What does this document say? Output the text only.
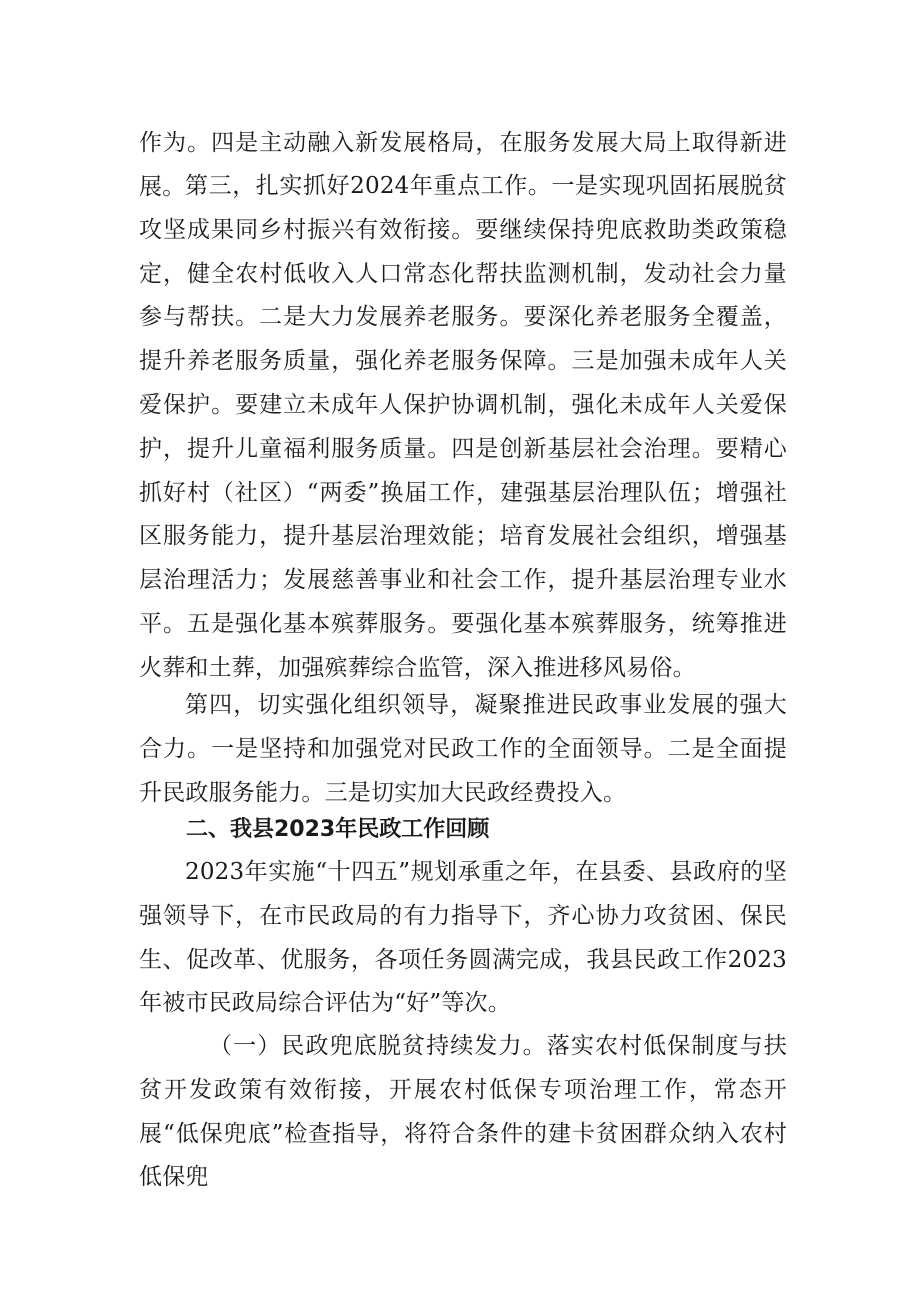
作为。四是主动融入新发展格局，在服务发展大局上取得新进展。 第三，扎实抓好2024年重点工作。一是实现巩固拓展脱贫攻坚成果同乡村振兴有效衔接。要继续保持兜底救助类政策稳定，健全农村低收入人口常态化帮扶监测机制，发动社会力量参与帮扶。二是大力发展养老服务。要深化养老服务全覆盖，提升养老服务质量，强化养老服务保障。三是加强未成年人关爱保护。要建立未成年人保护协调机制，强化未成年人关爱保护，提升儿童福利服务质量。四是创新基层社会治理。要精心抓好村（社区）“两委”换届工作，建强基层治理队伍；增强社区服务能力，提升基层治理效能；培育发展社会组织，增强基层治理活力；发展慈善事业和社会工作，提升基层治理专业水平。五是强化基本殡葬服务。要强化基本殡葬服务，统筹推进火葬和土葬，加强殡葬综合监管，深入推进移风易俗。

第四，切实强化组织领导，凝聚推进民政事业发展的强大合力。一是坚持和加强党对民政工作的全面领导。二是全面提升民政服务能力。三是切实加大民政经费投入。

二、我县2023年民政工作回顾

2023年实施“十四五”规划承重之年，在县委、县政府的坚强领导下，在市民政局的有力指导下，齐心协力攻贫困、保民生、促改革、优服务，各项任务圆满完成，我县民政工作2023年被市民政局综合评估为“好”等次。

（一）民政兜底脱贫持续发力。落实农村低保制度与扶贫开发政策有效衔接，开展农村低保专项治理工作，常态开展“低保兜底”检查指导，将符合条件的建卡贫困群众纳入农村低保兜
